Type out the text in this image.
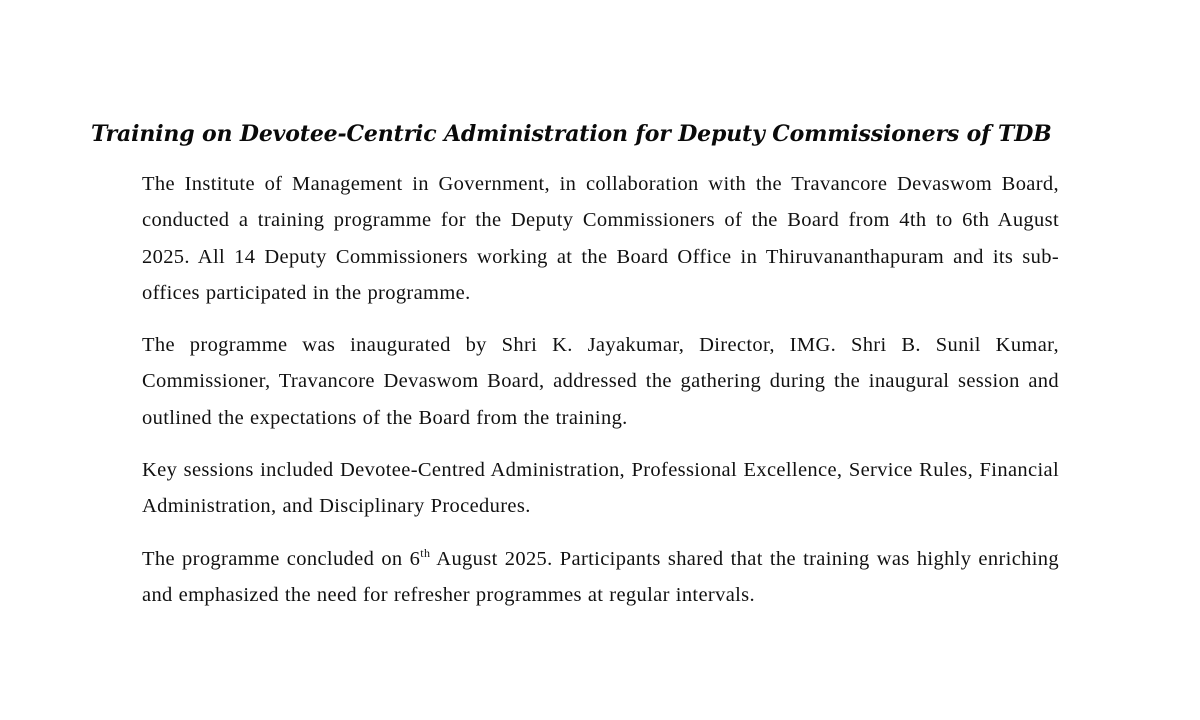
Training on Devotee-Centric Administration for Deputy Commissioners of TDB

The Institute of Management in Government, in collaboration with the Travancore Devaswom Board, conducted a training programme for the Deputy Commissioners of the Board from 4th to 6th August 2025. All 14 Deputy Commissioners working at the Board Office in Thiruvananthapuram and its sub-offices participated in the programme.

The programme was inaugurated by Shri K. Jayakumar, Director, IMG. Shri B. Sunil Kumar, Commissioner, Travancore Devaswom Board, addressed the gathering during the inaugural session and outlined the expectations of the Board from the training.

Key sessions included Devotee-Centred Administration, Professional Excellence, Service Rules, Financial Administration, and Disciplinary Procedures.

The programme concluded on 6th August 2025. Participants shared that the training was highly enriching and emphasized the need for refresher programmes at regular intervals.
